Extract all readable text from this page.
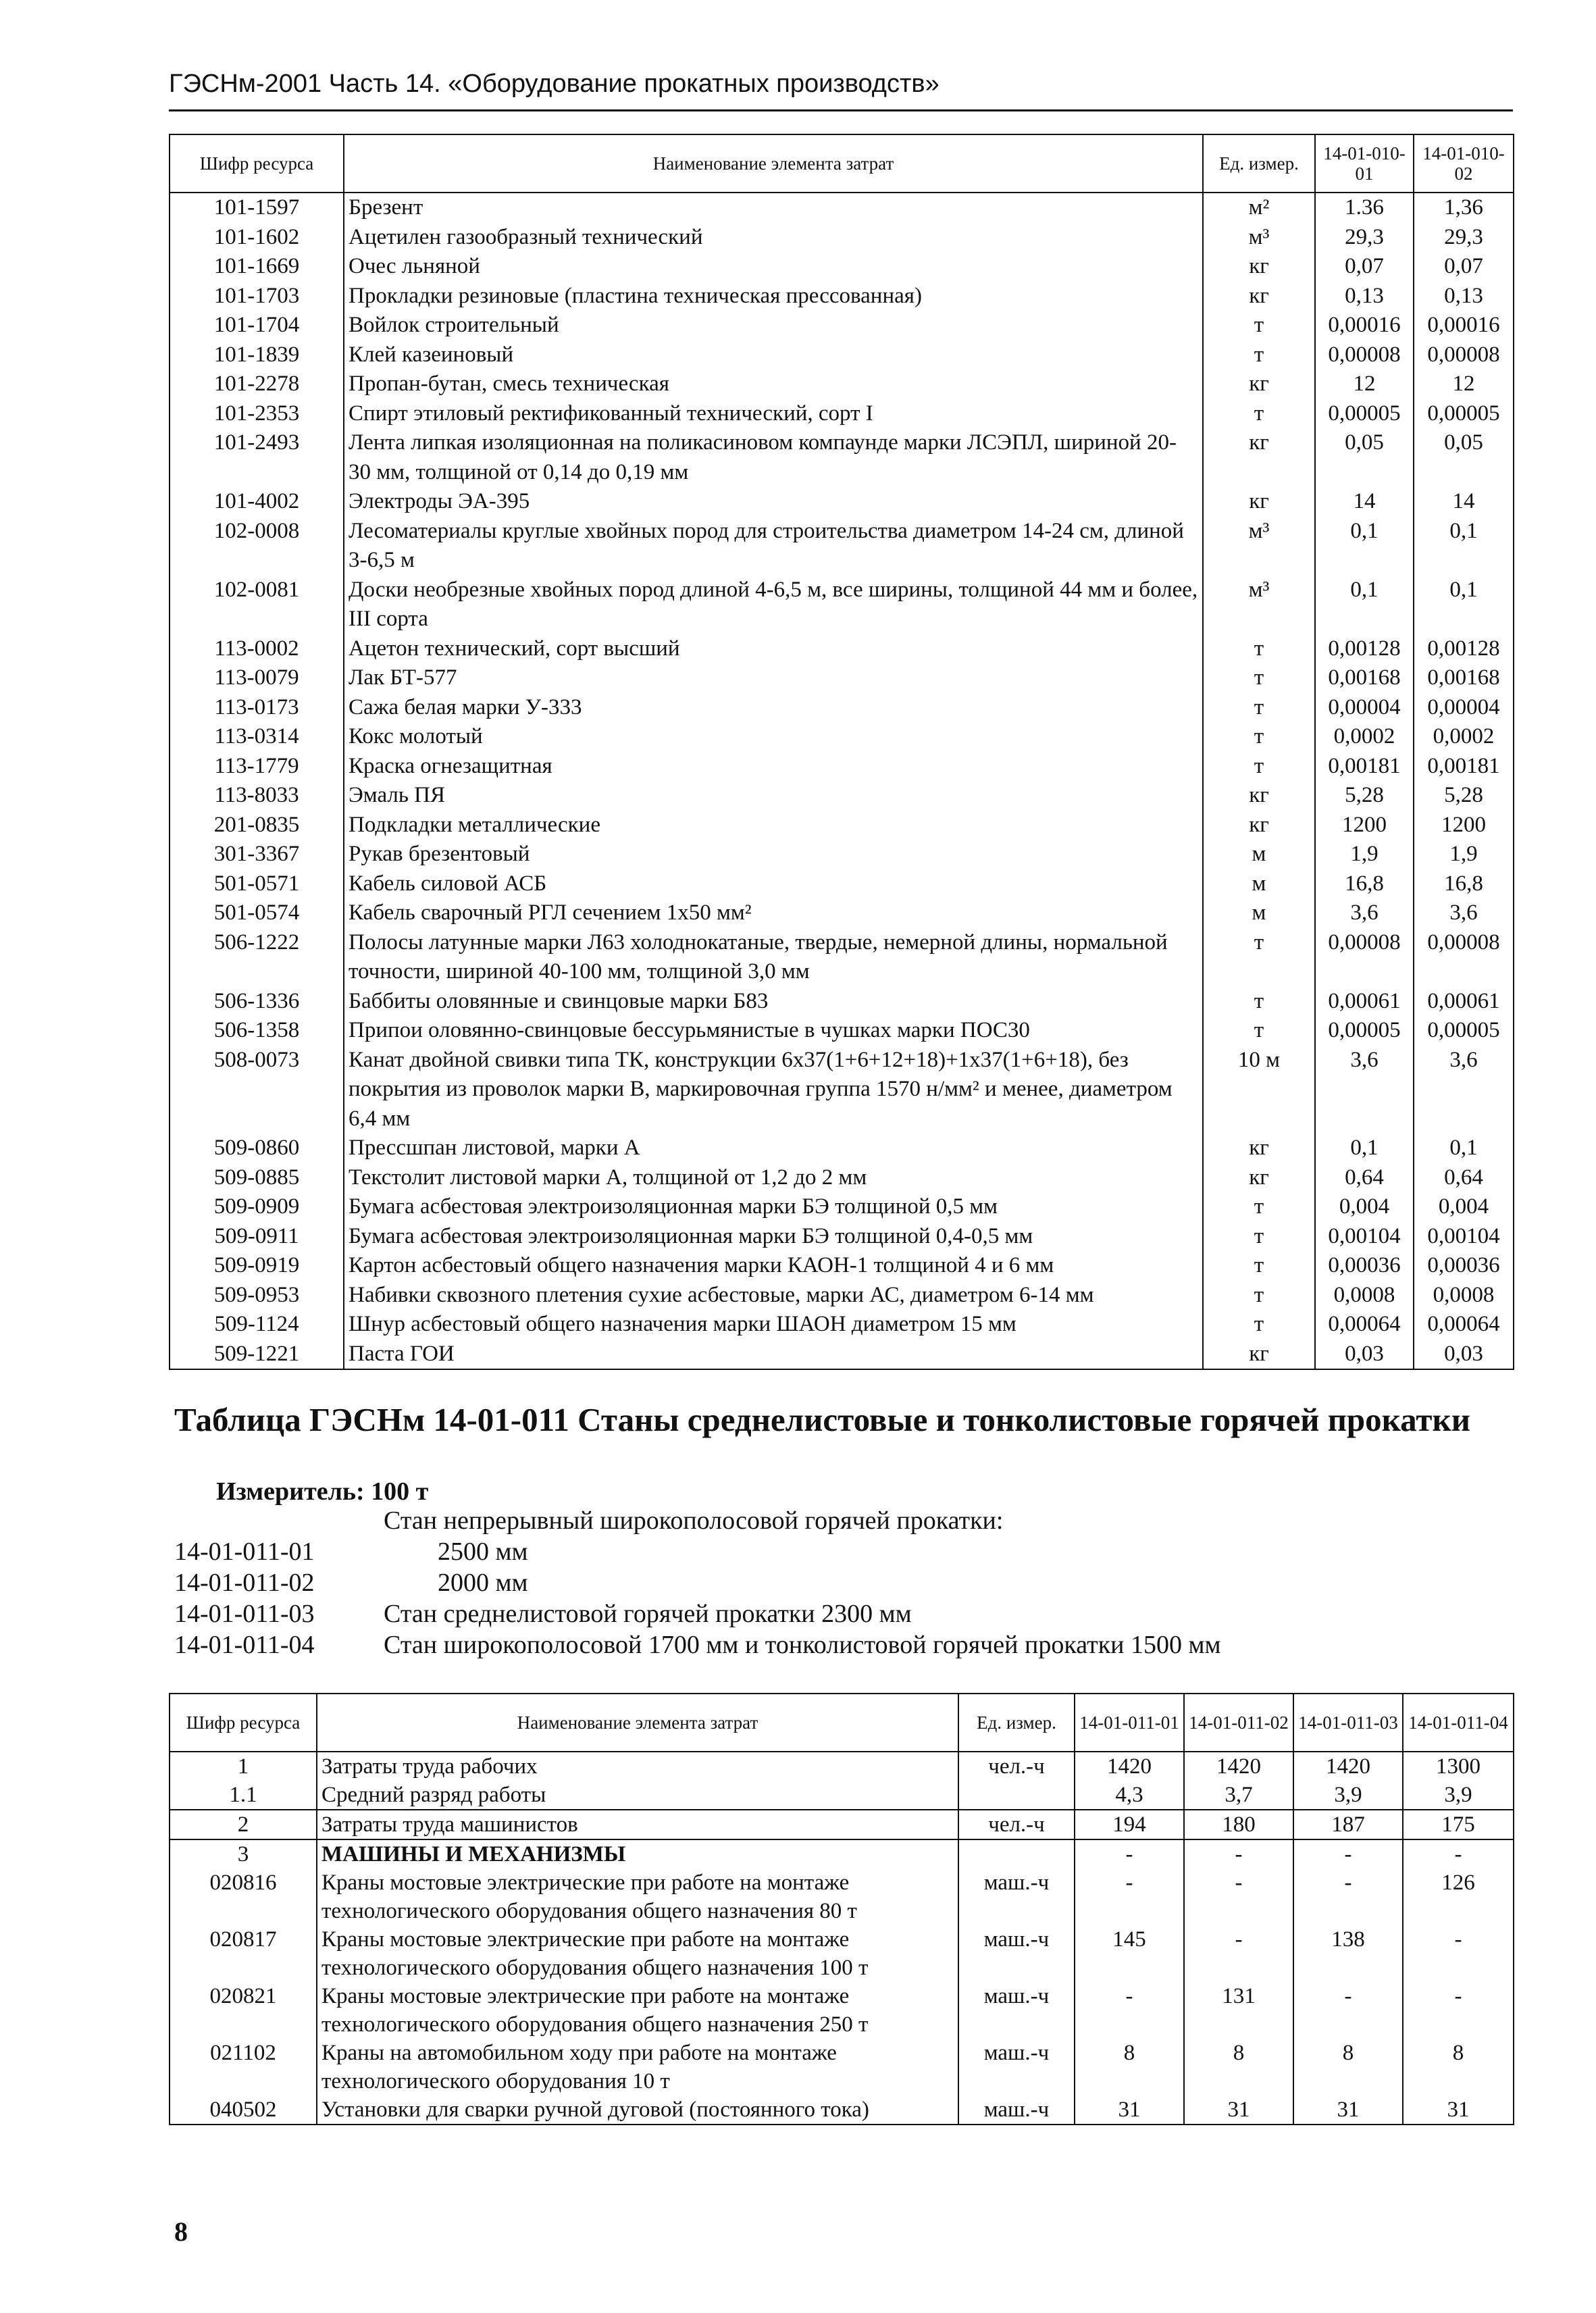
ГЭСНм-2001 Часть 14. «Оборудование прокатных производств»
Шифр ресурса	Наименование элемента затрат	Ед. измер.	14-01-010-01	14-01-010-02
101-1597	Брезент	м²	1.36	1,36
101-1602	Ацетилен газообразный технический	м³	29,3	29,3
101-1669	Очес льняной	кг	0,07	0,07
101-1703	Прокладки резиновые (пластина техническая прессованная)	кг	0,13	0,13
101-1704	Войлок строительный	т	0,00016	0,00016
101-1839	Клей казеиновый	т	0,00008	0,00008
101-2278	Пропан-бутан, смесь техническая	кг	12	12
101-2353	Спирт этиловый ректификованный технический, сорт I	т	0,00005	0,00005
101-2493	Лента липкая изоляционная на поликасиновом компаунде марки ЛСЭПЛ, шириной 20-30 мм, толщиной от 0,14 до 0,19 мм	кг	0,05	0,05
101-4002	Электроды ЭА-395	кг	14	14
102-0008	Лесоматериалы круглые хвойных пород для строительства диаметром 14-24 см, длиной 3-6,5 м	м³	0,1	0,1
102-0081	Доски необрезные хвойных пород длиной 4-6,5 м, все ширины, толщиной 44 мм и более, III сорта	м³	0,1	0,1
113-0002	Ацетон технический, сорт высший	т	0,00128	0,00128
113-0079	Лак БТ-577	т	0,00168	0,00168
113-0173	Сажа белая марки У-333	т	0,00004	0,00004
113-0314	Кокс молотый	т	0,0002	0,0002
113-1779	Краска огнезащитная	т	0,00181	0,00181
113-8033	Эмаль ПЯ	кг	5,28	5,28
201-0835	Подкладки металлические	кг	1200	1200
301-3367	Рукав брезентовый	м	1,9	1,9
501-0571	Кабель силовой АСБ	м	16,8	16,8
501-0574	Кабель сварочный РГЛ сечением 1x50 мм²	м	3,6	3,6
506-1222	Полосы латунные марки Л63 холоднокатаные, твердые, немерной длины, нормальной точности, шириной 40-100 мм, толщиной 3,0 мм	т	0,00008	0,00008
506-1336	Баббиты оловянные и свинцовые марки Б83	т	0,00061	0,00061
506-1358	Припои оловянно-свинцовые бессурьмянистые в чушках марки ПОС30	т	0,00005	0,00005
508-0073	Канат двойной свивки типа ТК, конструкции 6x37(1+6+12+18)+1x37(1+6+18), без покрытия из проволок марки В, маркировочная группа 1570 н/мм² и менее, диаметром 6,4 мм	10 м	3,6	3,6
509-0860	Прессшпан листовой, марки А	кг	0,1	0,1
509-0885	Текстолит листовой марки А, толщиной от 1,2 до 2 мм	кг	0,64	0,64
509-0909	Бумага асбестовая электроизоляционная марки БЭ толщиной 0,5 мм	т	0,004	0,004
509-0911	Бумага асбестовая электроизоляционная марки БЭ толщиной 0,4-0,5 мм	т	0,00104	0,00104
509-0919	Картон асбестовый общего назначения марки КАОН-1 толщиной 4 и 6 мм	т	0,00036	0,00036
509-0953	Набивки сквозного плетения сухие асбестовые, марки АС, диаметром 6-14 мм	т	0,0008	0,0008
509-1124	Шнур асбестовый общего назначения марки ШАОН диаметром 15 мм	т	0,00064	0,00064
509-1221	Паста ГОИ	кг	0,03	0,03
Таблица ГЭСНм 14-01-011 Станы среднелистовые и тонколистовые горячей прокатки
Измеритель: 100 т
Стан непрерывный широкополосовой горячей прокатки:
14-01-011-01	2500 мм
14-01-011-02	2000 мм
14-01-011-03	Стан среднелистовой горячей прокатки 2300 мм
14-01-011-04	Стан широкополосовой 1700 мм и тонколистовой горячей прокатки 1500 мм
Шифр ресурса	Наименование элемента затрат	Ед. измер.	14-01-011-01	14-01-011-02	14-01-011-03	14-01-011-04
1	Затраты труда рабочих	чел.-ч	1420	1420	1420	1300
1.1	Средний разряд работы		4,3	3,7	3,9	3,9
2	Затраты труда машинистов	чел.-ч	194	180	187	175
3	МАШИНЫ И МЕХАНИЗМЫ		-	-	-	-
020816	Краны мостовые электрические при работе на монтаже технологического оборудования общего назначения 80 т	маш.-ч	-	-	-	126
020817	Краны мостовые электрические при работе на монтаже технологического оборудования общего назначения 100 т	маш.-ч	145	-	138	-
020821	Краны мостовые электрические при работе на монтаже технологического оборудования общего назначения 250 т	маш.-ч	-	131	-	-
021102	Краны на автомобильном ходу при работе на монтаже технологического оборудования 10 т	маш.-ч	8	8	8	8
040502	Установки для сварки ручной дуговой (постоянного тока)	маш.-ч	31	31	31	31
8
